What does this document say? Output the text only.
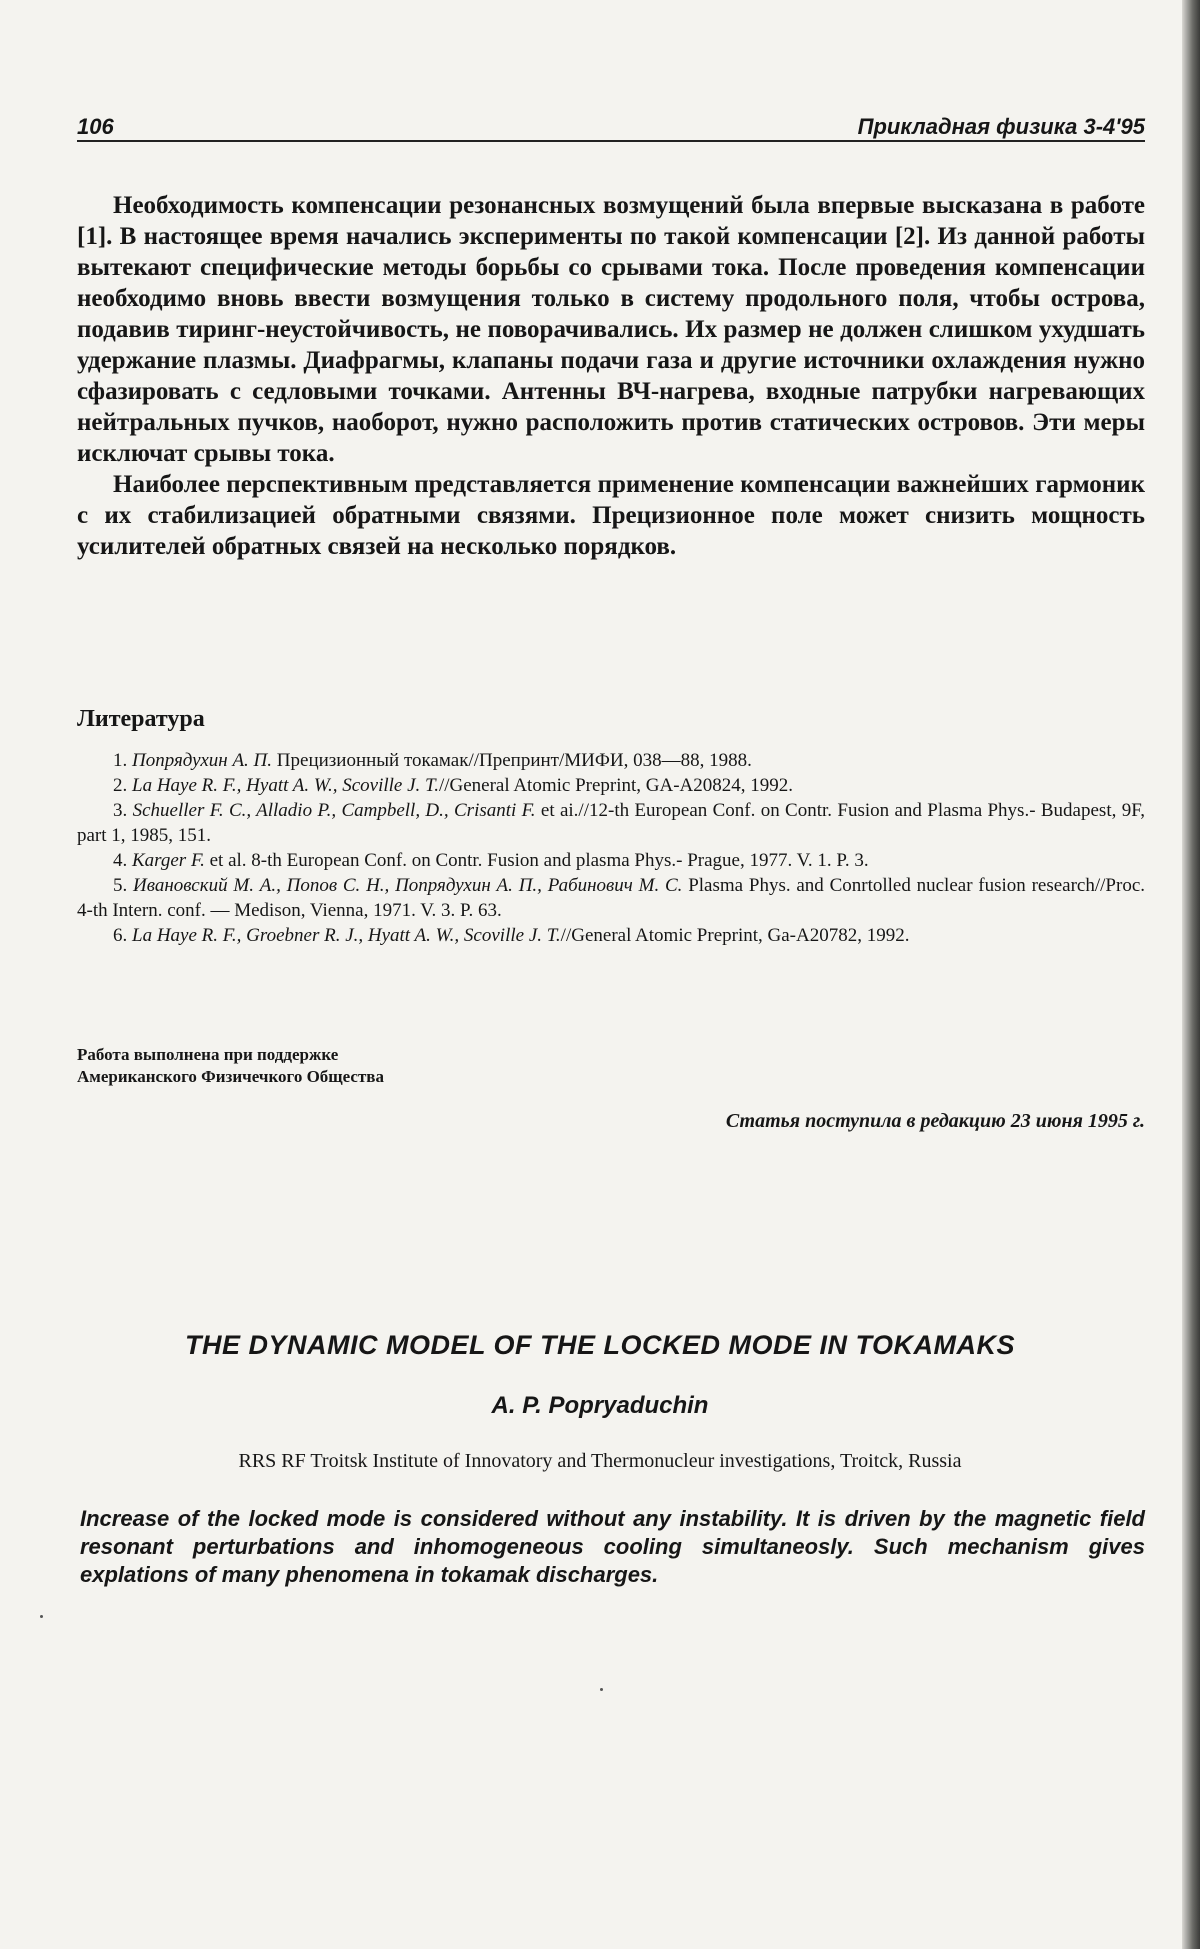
106	Прикладная физика 3-4'95

Необходимость компенсации резонансных возмущений была впервые высказана в работе [1]. В настоящее время начались эксперименты по такой компенсации [2]. Из данной работы вытекают специфические методы борьбы со срывами тока. После проведения компенсации необходимо вновь ввести возмущения только в систему продольного поля, чтобы острова, подавив тиринг-неустойчивость, не поворачивались. Их размер не должен слишком ухудшать удержание плазмы. Диафрагмы, клапаны подачи газа и другие источники охлаждения нужно сфазировать с седловыми точками. Антенны ВЧ-нагрева, входные патрубки нагревающих нейтральных пучков, наоборот, нужно расположить против статических островов. Эти меры исключат срывы тока.

Наиболее перспективным представляется применение компенсации важнейших гармоник с их стабилизацией обратными связями. Прецизионное поле может снизить мощность усилителей обратных связей на несколько порядков.

Литература
1. Попрядухин А. П. Прецизионный токамак//Препринт/МИФИ, 038—88, 1988.
2. La Haye R. F., Hyatt A. W., Scoville J. T.//General Atomic Preprint, GA-A20824, 1992.
3. Schueller F. C., Alladio P., Campbell, D., Crisanti F. et ai.//12-th European Conf. on Contr. Fusion and Plasma Phys.- Budapest, 9F, part 1, 1985, 151.
4. Karger F. et al. 8-th European Conf. on Contr. Fusion and plasma Phys.- Prague, 1977. V. 1. P. 3.
5. Ивановский М. А., Попов С. Н., Попрядухин А. П., Рабинович М. С. Plasma Phys. and Conrtolled nuclear fusion research//Proc. 4-th Intern. conf. — Medison, Vienna, 1971. V. 3. P. 63.
6. La Haye R. F., Groebner R. J., Hyatt A. W., Scoville J. T.//General Atomic Preprint, Ga-A20782, 1992.
Работа выполнена при поддержке
Американского Физичечкого Общества
Статья поступила в редакцию 23 июня 1995 г.
THE DYNAMIC MODEL OF THE LOCKED MODE IN TOKAMAKS
A. P. Popryaduchin
RRS RF Troitsk Institute of Innovatory and Thermonucleur investigations, Troitck, Russia
Increase of the locked mode is considered without any instability. It is driven by the magnetic field resonant perturbations and inhomogeneous cooling simultaneosly. Such mechanism gives explations of many phenomena in tokamak discharges.
